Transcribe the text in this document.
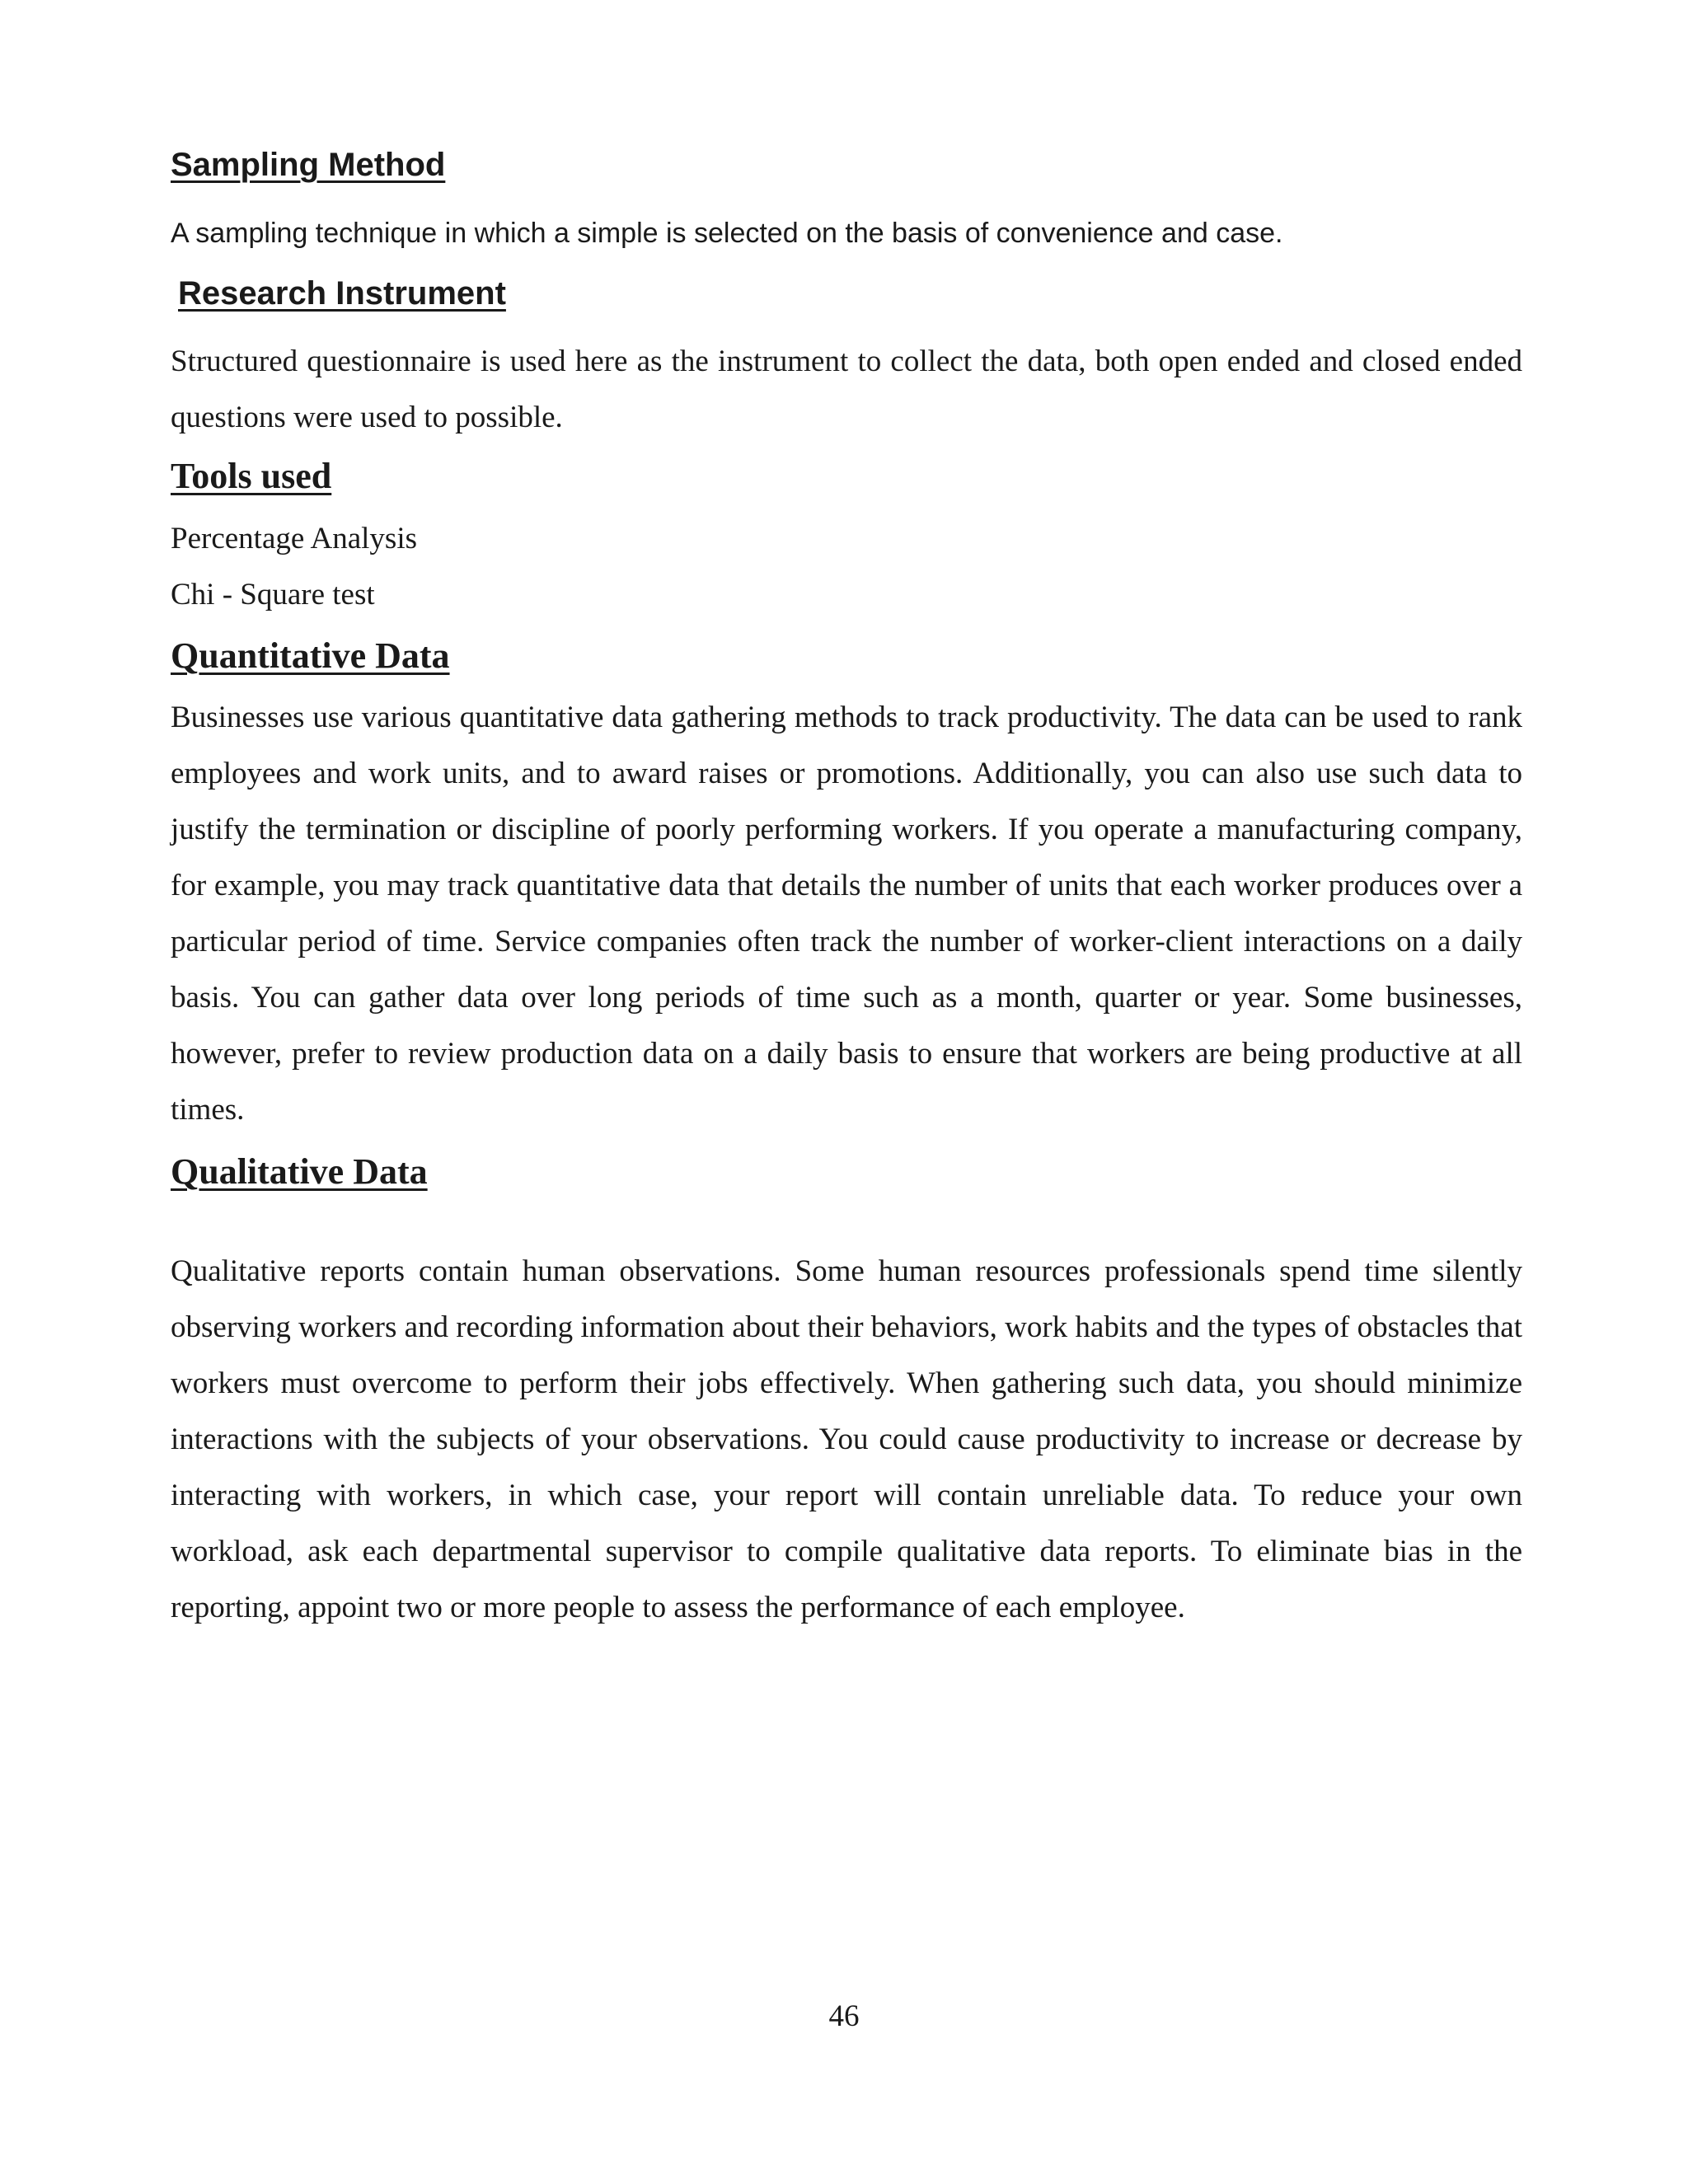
Sampling Method

A sampling technique in which a simple is selected on the basis of convenience and case.

Research Instrument

Structured questionnaire is used here as the instrument to collect the data, both open ended and closed ended questions were used to possible.

Tools used

Percentage Analysis

Chi - Square test

Quantitative Data

Businesses use various quantitative data gathering methods to track productivity. The data can be used to rank employees and work units, and to award raises or promotions. Additionally, you can also use such data to justify the termination or discipline of poorly performing workers. If you operate a manufacturing company, for example, you may track quantitative data that details the number of units that each worker produces over a particular period of time. Service companies often track the number of worker-client interactions on a daily basis. You can gather data over long periods of time such as a month, quarter or year. Some businesses, however, prefer to review production data on a daily basis to ensure that workers are being productive at all times.

Qualitative Data

Qualitative reports contain human observations. Some human resources professionals spend time silently observing workers and recording information about their behaviors, work habits and the types of obstacles that workers must overcome to perform their jobs effectively. When gathering such data, you should minimize interactions with the subjects of your observations. You could cause productivity to increase or decrease by interacting with workers, in which case, your report will contain unreliable data. To reduce your own workload, ask each departmental supervisor to compile qualitative data reports. To eliminate bias in the reporting, appoint two or more people to assess the performance of each employee.

46
